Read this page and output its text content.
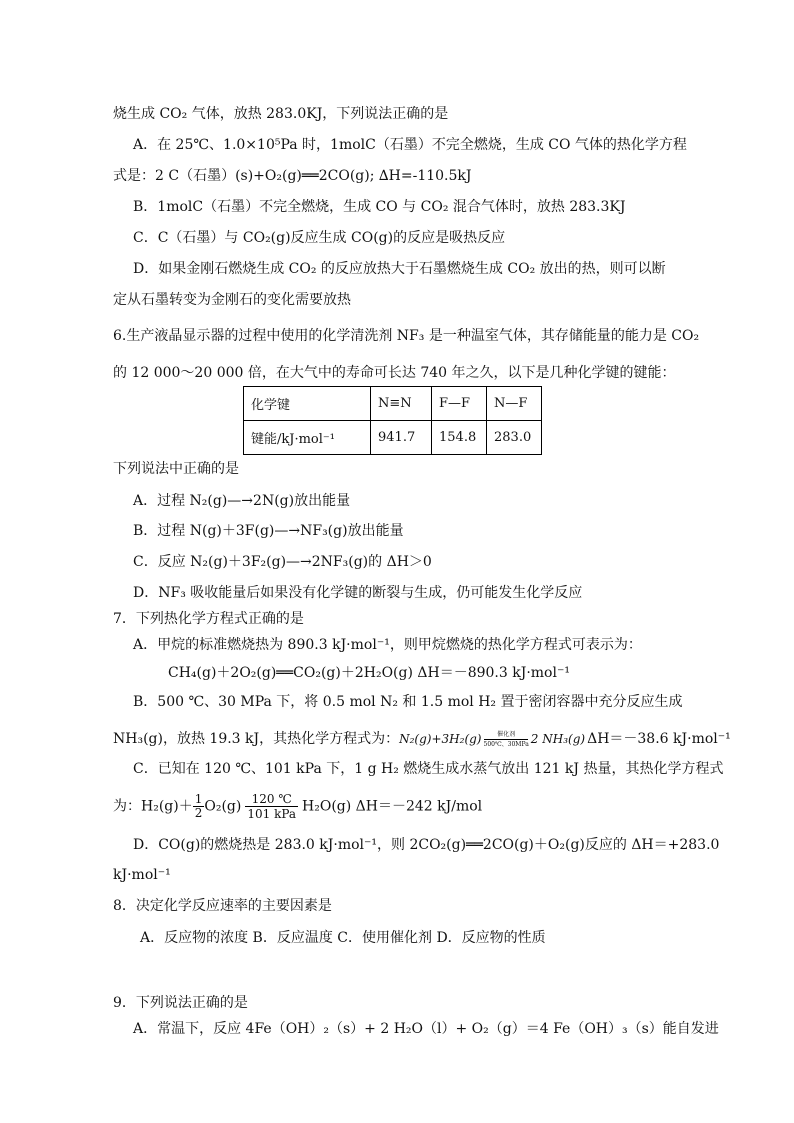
烧生成 CO₂ 气体，放热 283.0KJ，下列说法正确的是
A．在 25℃、1.0×10⁵Pa 时，1molC（石墨）不完全燃烧，生成 CO 气体的热化学方程
式是：2 C（石墨）(s)+O₂(g)══2CO(g); ∆H=-110.5kJ
B．1molC（石墨）不完全燃烧，生成 CO 与 CO₂ 混合气体时，放热 283.3KJ
C．C（石墨）与 CO₂(g)反应生成 CO(g)的反应是吸热反应
D．如果金刚石燃烧生成 CO₂ 的反应放热大于石墨燃烧生成 CO₂ 放出的热，则可以断
定从石墨转变为金刚石的变化需要放热
6.生产液晶显示器的过程中使用的化学清洗剂 NF₃ 是一种温室气体，其存储能量的能力是 CO₂
的 12 000～20 000 倍，在大气中的寿命可长达 740 年之久，以下是几种化学键的键能：
化学键	N≡N	F—F	N—F
键能/kJ·mol⁻¹	941.7	154.8	283.0
下列说法中正确的是
A．过程 N₂(g)—→2N(g)放出能量
B．过程 N(g)＋3F(g)—→NF₃(g)放出能量
C．反应 N₂(g)＋3F₂(g)—→2NF₃(g)的 ΔH＞0
D．NF₃ 吸收能量后如果没有化学键的断裂与生成，仍可能发生化学反应
7．下列热化学方程式正确的是
A．甲烷的标准燃烧热为 890.3 kJ·mol⁻¹，则甲烷燃烧的热化学方程式可表示为：
CH₄(g)＋2O₂(g)══CO₂(g)＋2H₂O(g) ΔH＝－890.3 kJ·mol⁻¹
B．500 ℃、30 MPa 下，将 0.5 mol N₂ 和 1.5 mol H₂ 置于密闭容器中充分反应生成
NH₃(g)，放热 19.3 kJ，其热化学方程式为：N₂(g)+3H₂(g)	催化剂
500℃、30MPa 2 NH₃(g) ΔH＝－38.6 kJ·mol⁻¹
C．已知在 120 ℃、101 kPa 下，1 g H₂ 燃烧生成水蒸气放出 121 kJ 热量，其热化学方程式
为：$H_2(g)+ \frac{1}{2} O_2(g)$ 120 ℃
101 kPa H₂O(g) ΔH＝－242 kJ/mol
D．CO(g)的燃烧热是 283.0 kJ·mol⁻¹，则 2CO₂(g)══2CO(g)＋O₂(g)反应的 ΔH＝+283.0
kJ·mol⁻¹
8．决定化学反应速率的主要因素是
A．反应物的浓度 B．反应温度 C．使用催化剂 D．反应物的性质
9．下列说法正确的是
A．常温下，反应 4Fe（OH）₂（s）+ 2 H₂O（l）+ O₂（g）＝4 Fe（OH）₃（s）能自发进
